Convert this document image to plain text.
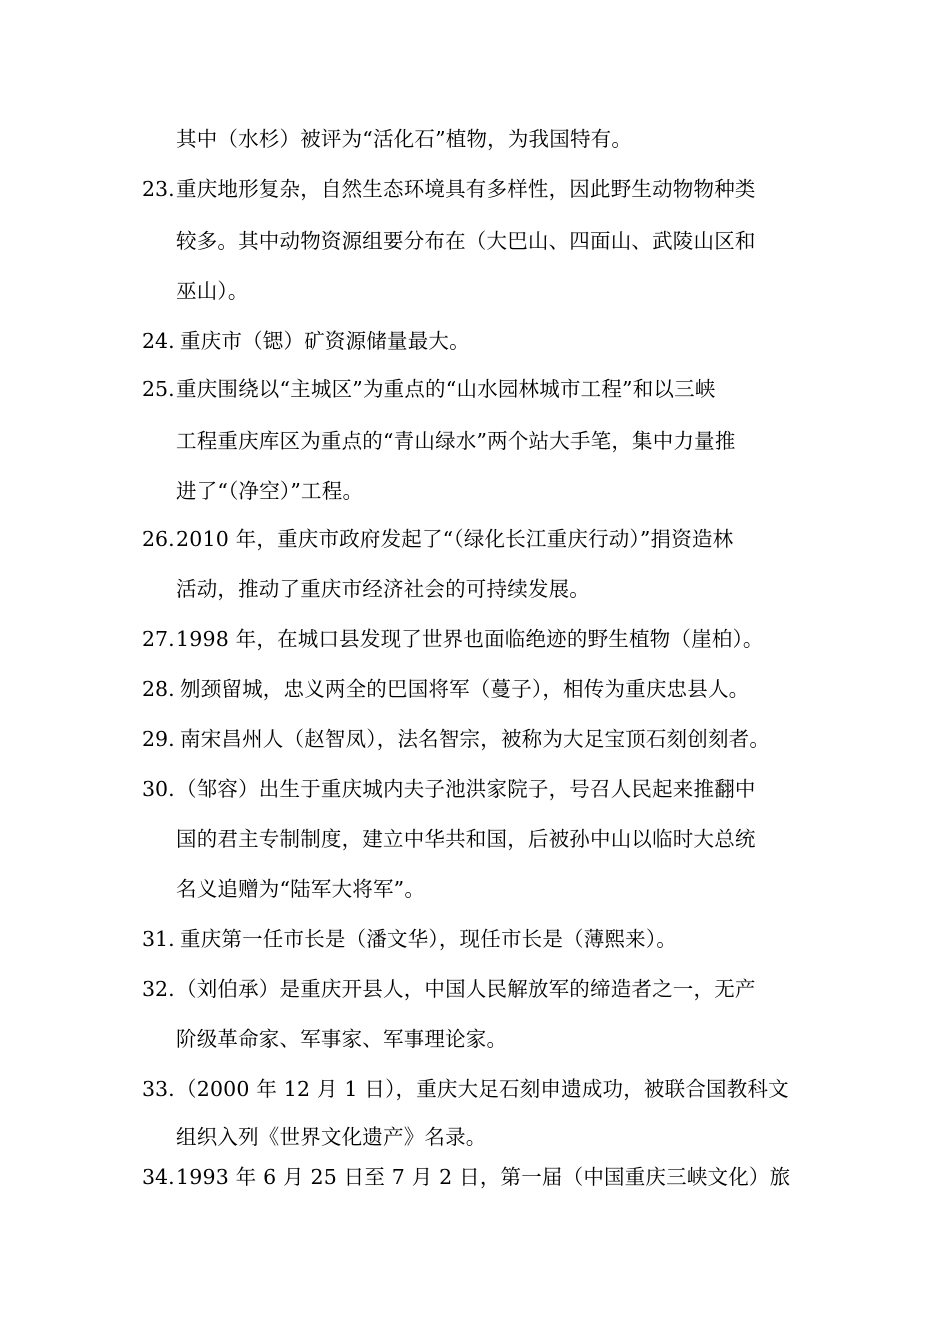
其中（水杉）被评为“活化石”植物，为我国特有。
23. 重庆地形复杂，自然生态环境具有多样性，因此野生动物物种类
较多。其中动物资源组要分布在（大巴山、四面山、武陵山区和
巫山）。
24. 重庆市（锶）矿资源储量最大。
25. 重庆围绕以“主城区”为重点的“山水园林城市工程”和以三峡
工程重庆库区为重点的“青山绿水”两个站大手笔，集中力量推
进了“（净空）”工程。
26. 2010 年，重庆市政府发起了“（绿化长江重庆行动）”捐资造林
活动，推动了重庆市经济社会的可持续发展。
27. 1998 年，在城口县发现了世界也面临绝迹的野生植物（崖柏）。
28. 刎颈留城，忠义两全的巴国将军（蔓子），相传为重庆忠县人。
29. 南宋昌州人（赵智凤），法名智宗，被称为大足宝顶石刻创刻者。
30. （邹容）出生于重庆城内夫子池洪家院子，号召人民起来推翻中
国的君主专制制度，建立中华共和国，后被孙中山以临时大总统
名义追赠为“陆军大将军”。
31. 重庆第一任市长是（潘文华），现任市长是（薄熙来）。
32. （刘伯承）是重庆开县人，中国人民解放军的缔造者之一，无产
阶级革命家、军事家、军事理论家。
33. （2000 年 12 月 1 日），重庆大足石刻申遗成功，被联合国教科文
组织入列《世界文化遗产》名录。
34. 1993 年 6 月 25 日至 7 月 2 日，第一届（中国重庆三峡文化）旅
